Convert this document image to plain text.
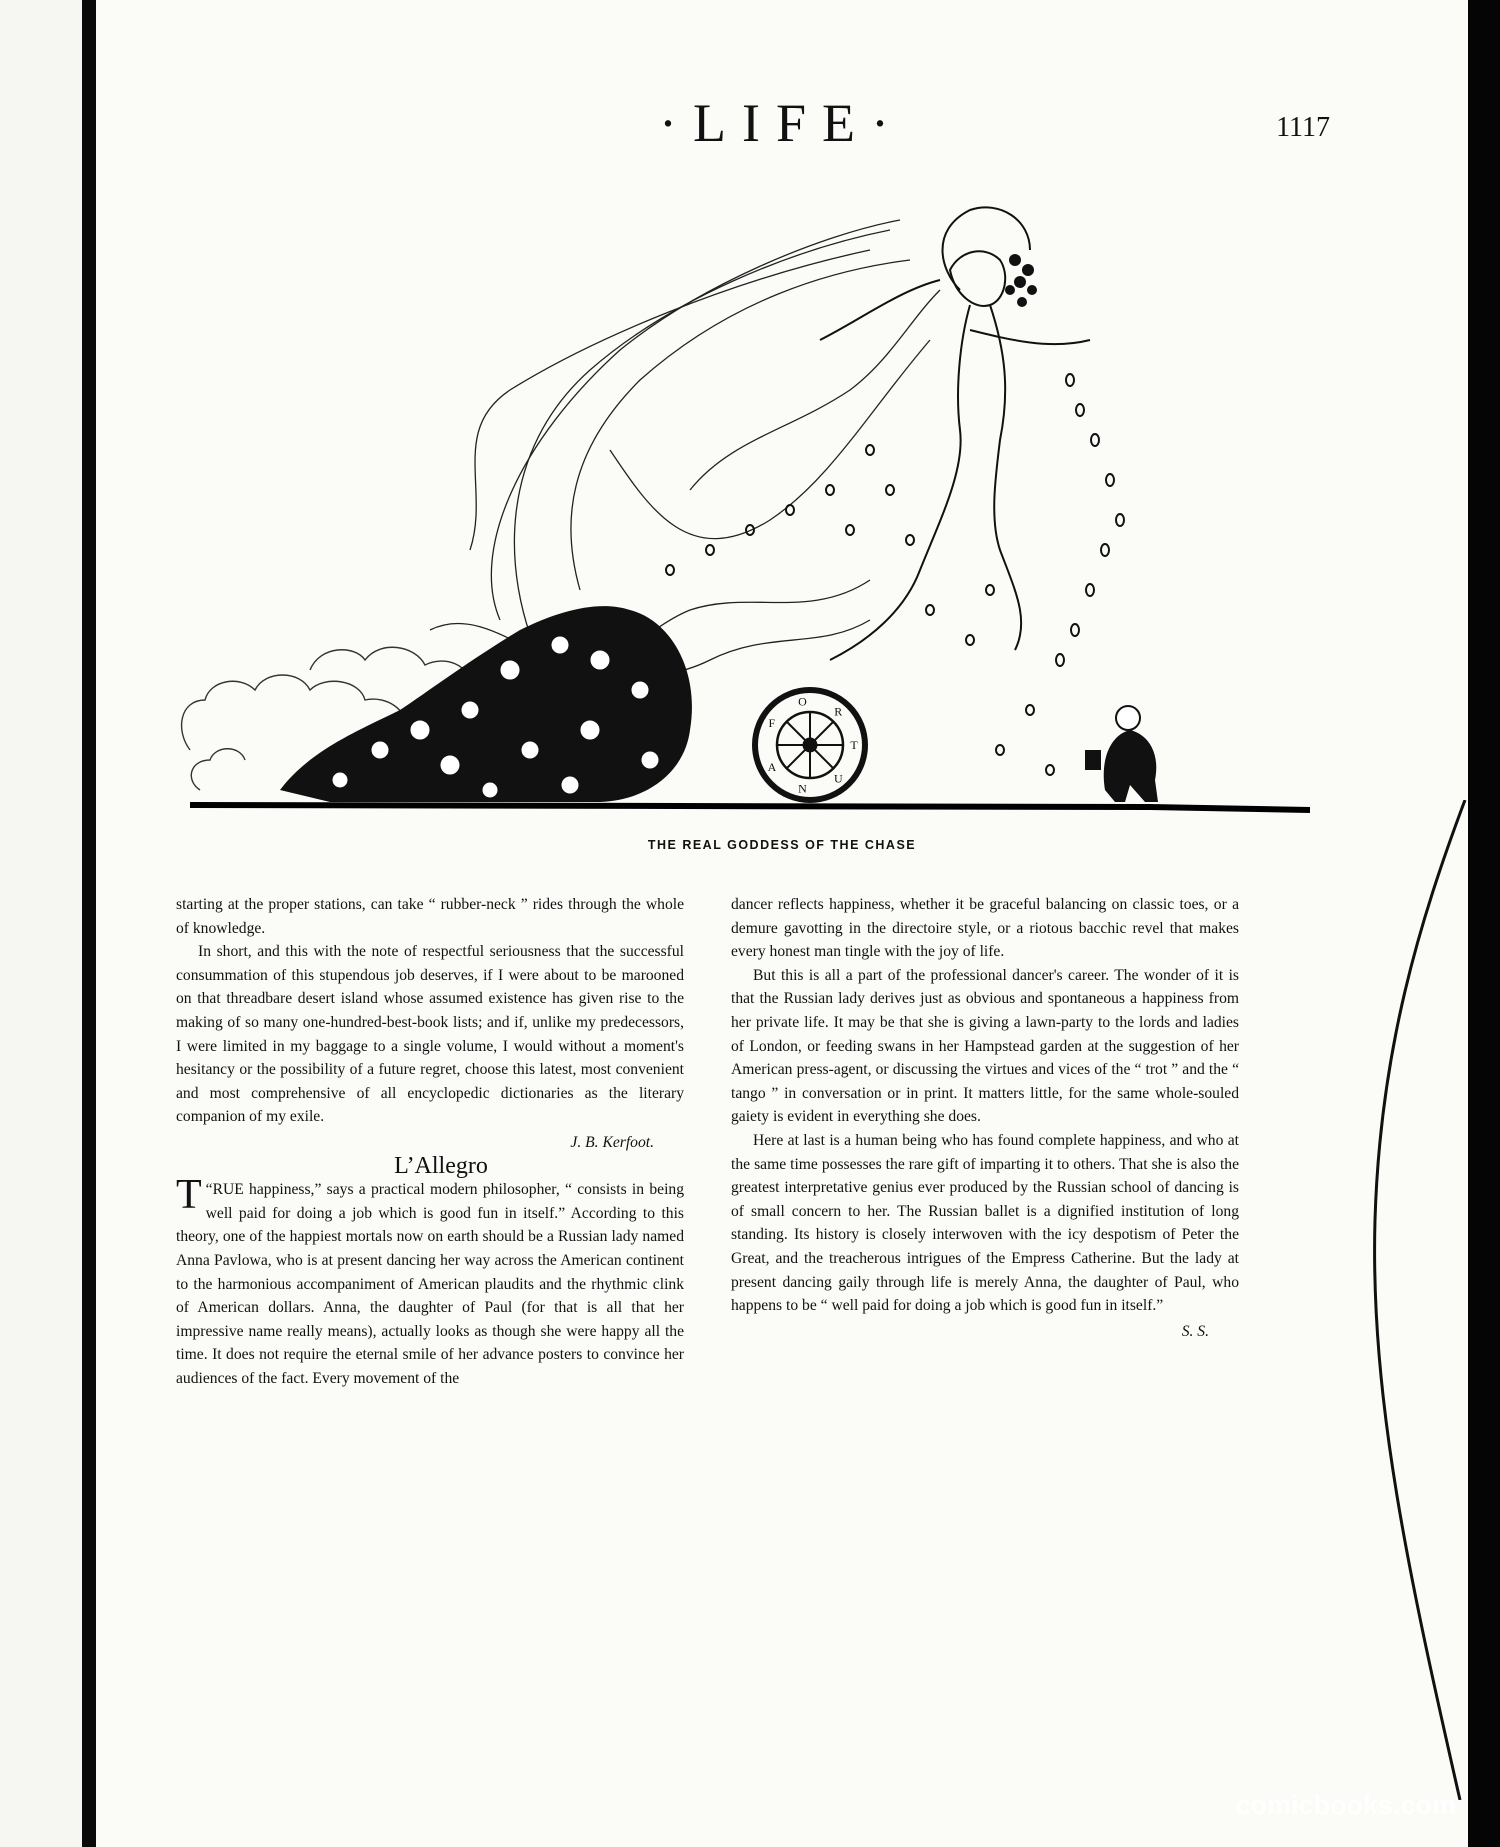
·LIFE·	1117
F
O
R
T
U
N
A
THE REAL GODDESS OF THE CHASE

starting at the proper stations, can take “ rubber-neck ” rides through the whole of knowledge.

In short, and this with the note of respectful seriousness that the successful consummation of this stupendous job deserves, if I were about to be marooned on that threadbare desert island whose assumed existence has given rise to the making of so many one-hundred-best-book lists; and if, unlike my predecessors, I were limited in my baggage to a single volume, I would without a moment's hesitancy or the possibility of a future regret, choose this latest, most convenient and most comprehensive of all encyclopedic dictionaries as the literary companion of my exile.

J. B. Kerfoot.

L’Allegro

“
T RUE happiness,” says a practical modern philosopher, “ consists in being well paid for doing a job which is good fun in itself.” According to this theory, one of the happiest mortals now on earth should be a Russian lady named Anna Pavlowa, who is at present dancing her way across the American continent to the harmonious accompaniment of American plaudits and the rhythmic clink of American dollars. Anna, the daughter of Paul (for that is all that her impressive name really means), actually looks as though she were happy all the time. It does not require the eternal smile of her advance posters to convince her audiences of the fact. Every movement of the

dancer reflects happiness, whether it be graceful balancing on classic toes, or a demure gavotting in the directoire style, or a riotous bacchic revel that makes every honest man tingle with the joy of life.

But this is all a part of the professional dancer's career. The wonder of it is that the Russian lady derives just as obvious and spontaneous a happiness from her private life. It may be that she is giving a lawn-party to the lords and ladies of London, or feeding swans in her Hampstead garden at the suggestion of her American press-agent, or discussing the virtues and vices of the “ trot ” and the “ tango ” in conversation or in print. It matters little, for the same whole-souled gaiety is evident in everything she does.

Here at last is a human being who has found complete happiness, and who at the same time possesses the rare gift of imparting it to others. That she is also the greatest interpretative genius ever produced by the Russian school of dancing is of small concern to her. The Russian ballet is a dignified institution of long standing. Its history is closely interwoven with the icy despotism of Peter the Great, and the treacherous intrigues of the Empress Catherine. But the lady at present dancing gaily through life is merely Anna, the daughter of Paul, who happens to be “ well paid for doing a job which is good fun in itself.”

S. S.

comicbooks.com
